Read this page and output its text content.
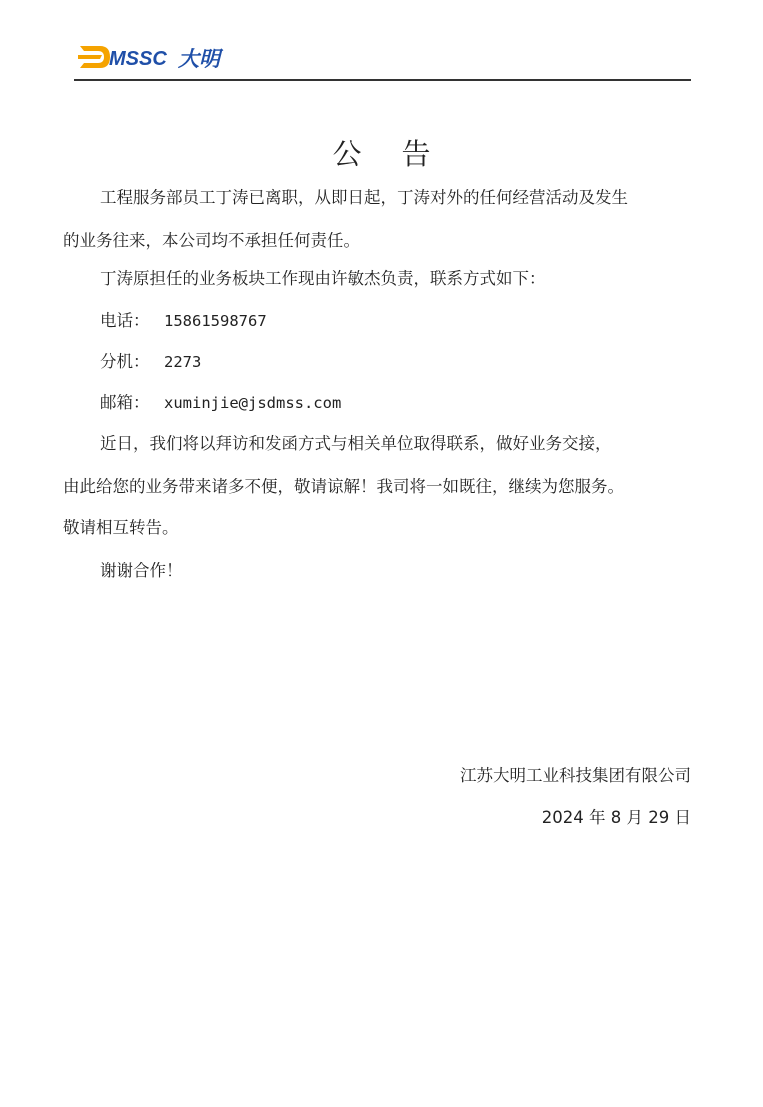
MSSC 大明
公告
工程服务部员工丁涛已离职，从即日起，丁涛对外的任何经营活动及发生
的业务往来，本公司均不承担任何责任。
丁涛原担任的业务板块工作现由许敏杰负责，联系方式如下：
电话： 15861598767
分机： 2273
邮箱： xuminjie@jsdmss.com
近日，我们将以拜访和发函方式与相关单位取得联系，做好业务交接，
由此给您的业务带来诸多不便，敬请谅解！我司将一如既往，继续为您服务。
敬请相互转告。
谢谢合作！
江苏大明工业科技集团有限公司
2024 年 8 月 29 日
